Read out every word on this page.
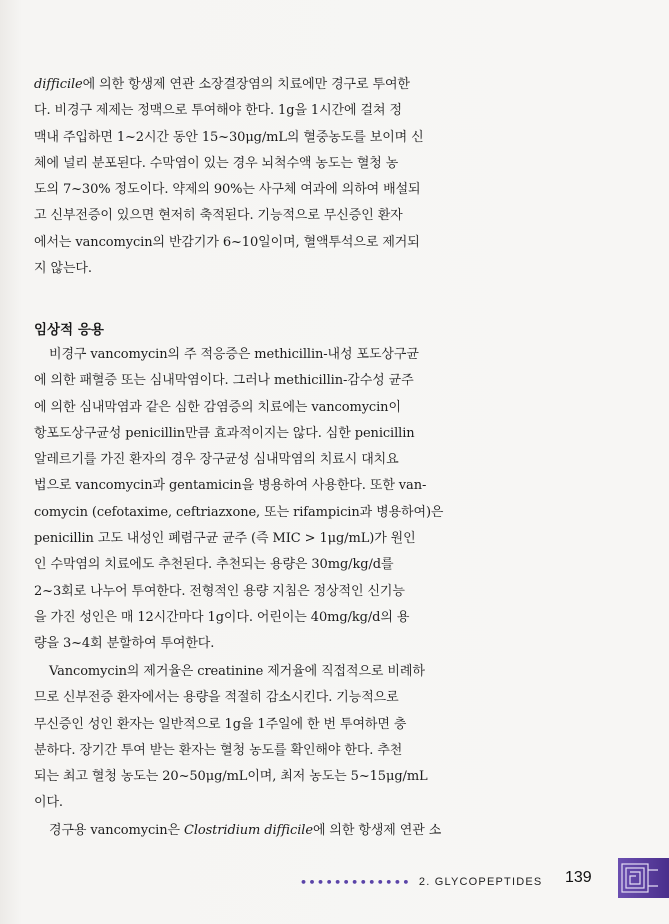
difficile에 의한 항생제 연관 소장결장염의 치료에만 경구로 투여한
다. 비경구 제제는 정맥으로 투여해야 한다. 1g을 1시간에 걸쳐 정
맥내 주입하면 1~2시간 동안 15~30μg/mL의 혈중농도를 보이며 신
체에 널리 분포된다. 수막염이 있는 경우 뇌척수액 농도는 혈청 농
도의 7~30% 정도이다. 약제의 90%는 사구체 여과에 의하여 배설되
고 신부전증이 있으면 현저히 축적된다. 기능적으로 무신증인 환자
에서는 vancomycin의 반감기가 6~10일이며, 혈액투석으로 제거되
지 않는다.
임상적 응용
비경구 vancomycin의 주 적응증은 methicillin-내성 포도상구균
에 의한 패혈증 또는 심내막염이다. 그러나 methicillin-감수성 균주
에 의한 심내막염과 같은 심한 감염증의 치료에는 vancomycin이
항포도상구균성 penicillin만큼 효과적이지는 않다. 심한 penicillin
알레르기를 가진 환자의 경우 장구균성 심내막염의 치료시 대치요
법으로 vancomycin과 gentamicin을 병용하여 사용한다. 또한 van-
comycin (cefotaxime, ceftriazxone, 또는 rifampicin과 병용하여)은
penicillin 고도 내성인 폐렴구균 균주 (즉 MIC > 1μg/mL)가 원인
인 수막염의 치료에도 추천된다. 추천되는 용량은 30mg/kg/d를
2~3회로 나누어 투여한다. 전형적인 용량 지침은 정상적인 신기능
을 가진 성인은 매 12시간마다 1g이다. 어린이는 40mg/kg/d의 용
량을 3~4회 분할하여 투여한다.
Vancomycin의 제거율은 creatinine 제거율에 직접적으로 비례하
므로 신부전증 환자에서는 용량을 적절히 감소시킨다. 기능적으로
무신증인 성인 환자는 일반적으로 1g을 1주일에 한 번 투여하면 충
분하다. 장기간 투여 받는 환자는 혈청 농도를 확인해야 한다. 추천
되는 최고 혈청 농도는 20~50μg/mL이며, 최저 농도는 5~15μg/mL
이다.
경구용 vancomycin은 Clostridium difficile에 의한 항생제 연관 소
••••••••••••• 2. GLYCOPEPTIDES 139
